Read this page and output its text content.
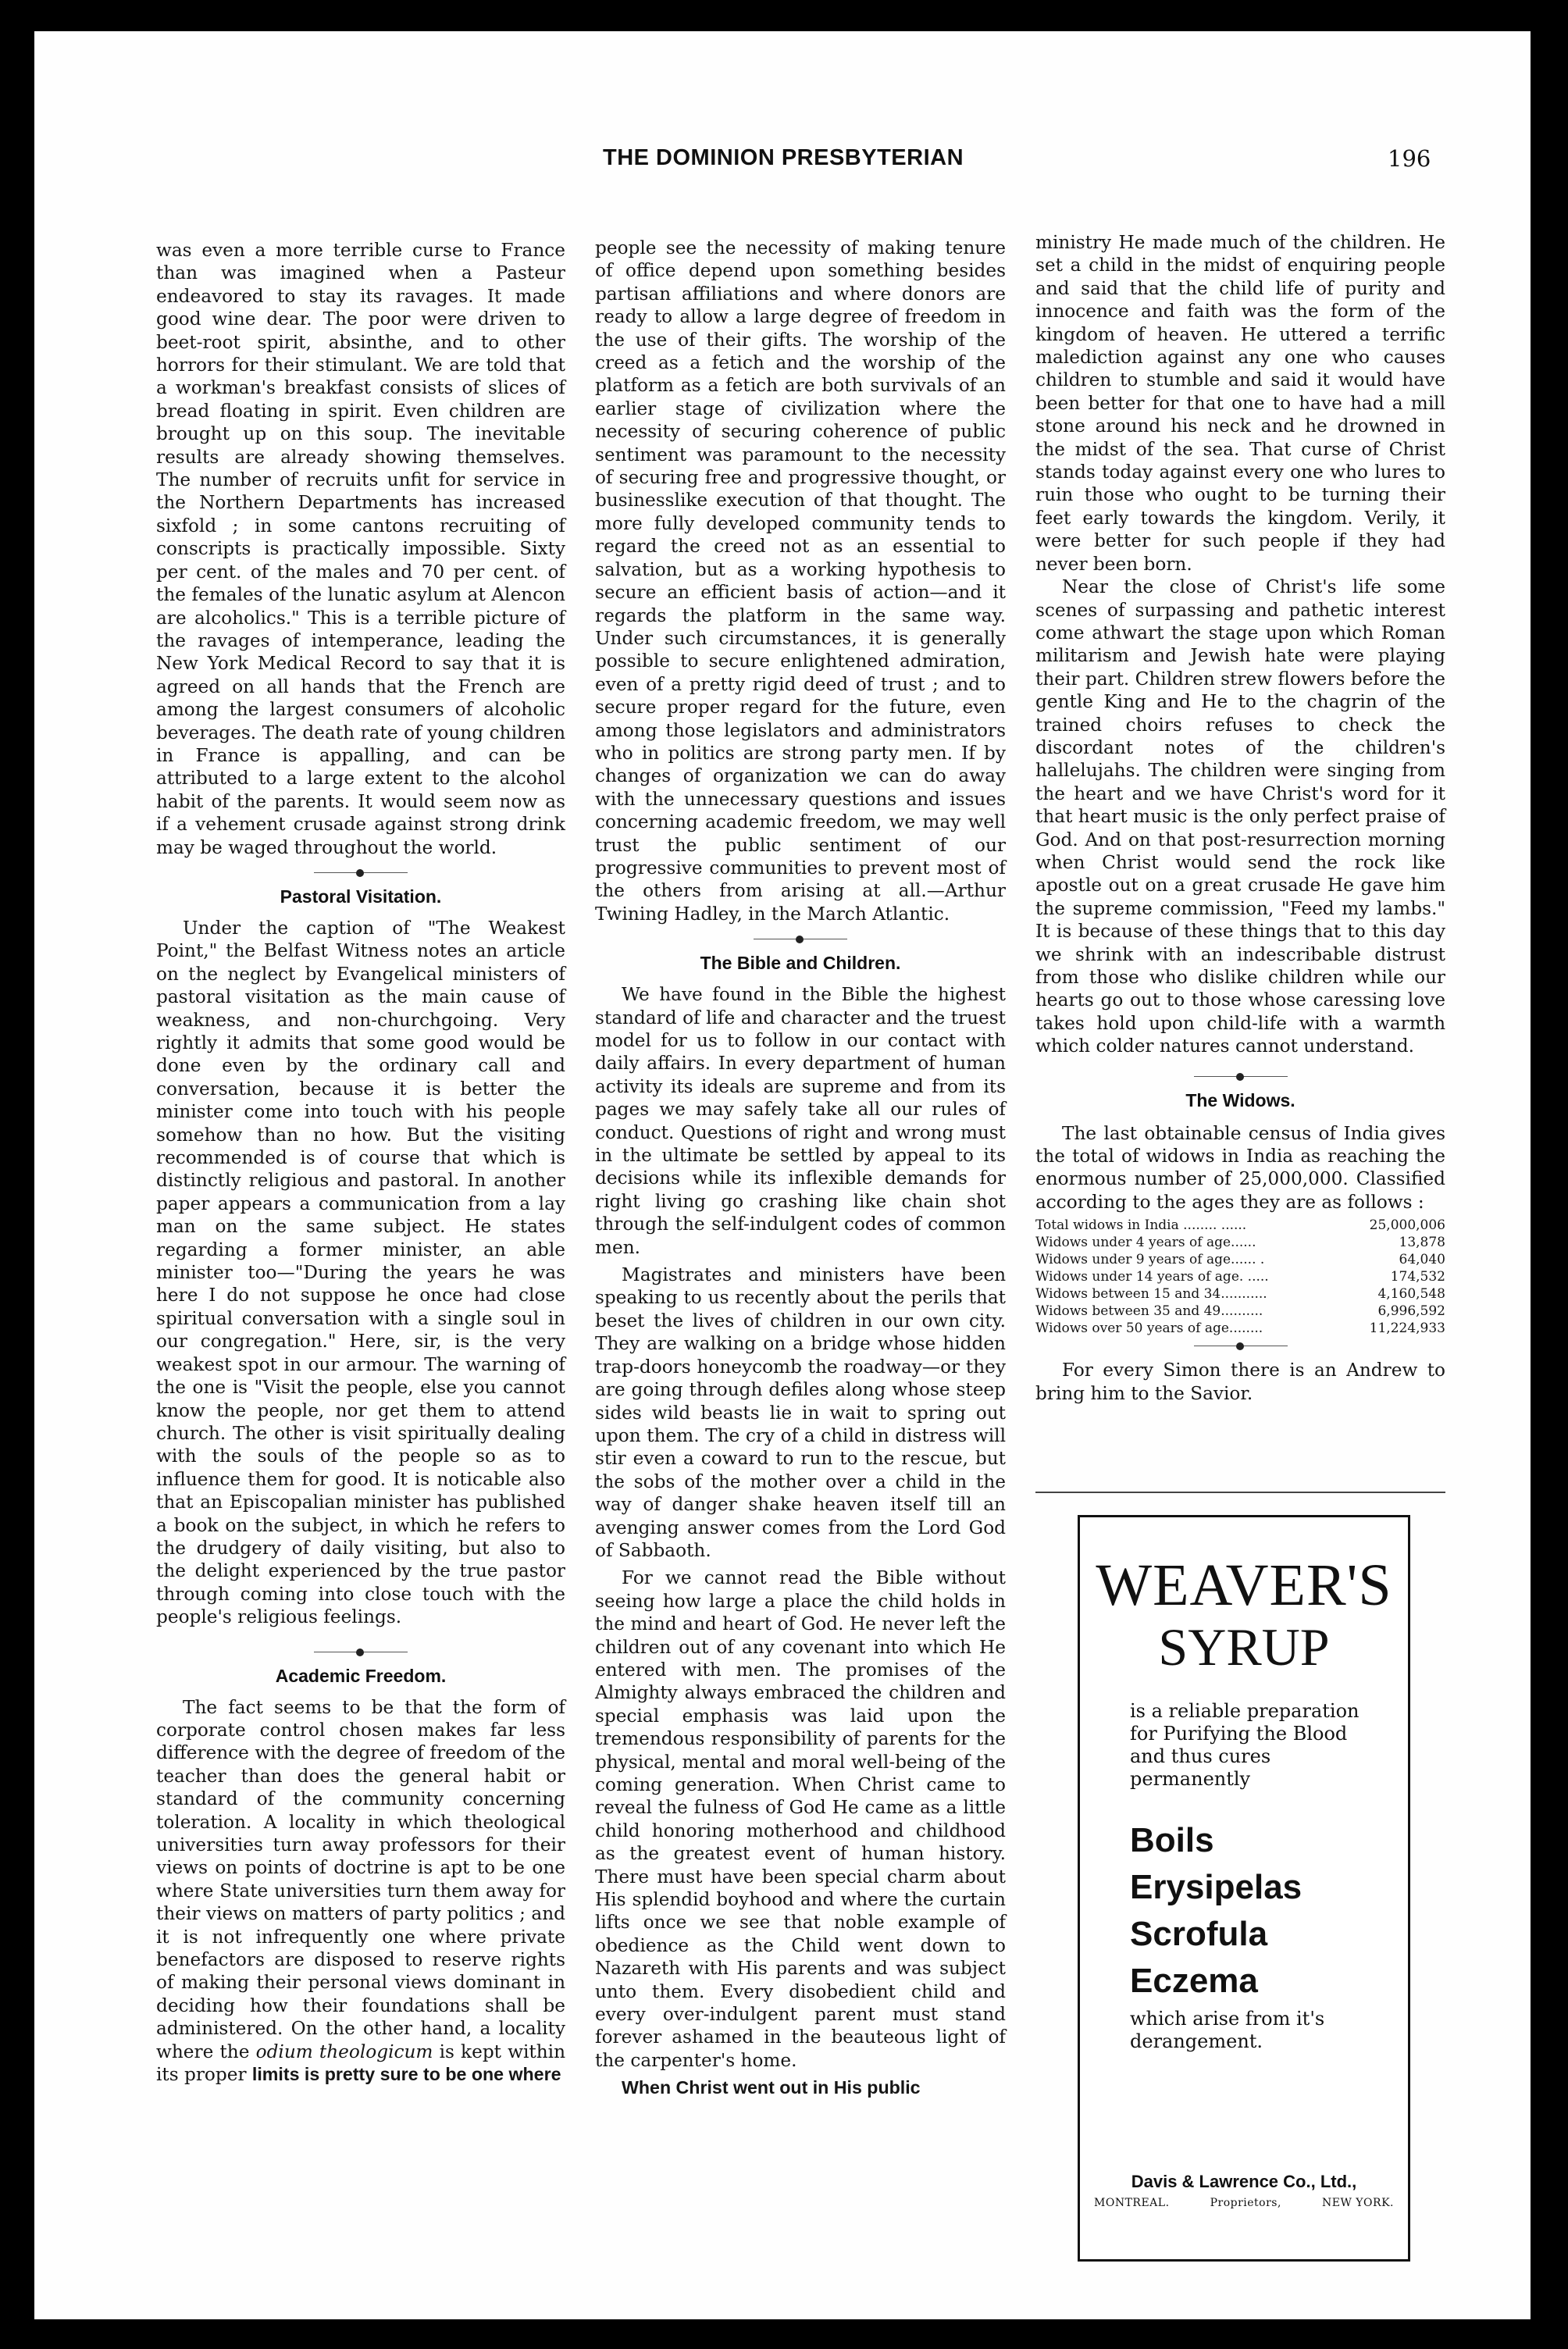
THE DOMINION PRESBYTERIAN	196

was even a more terrible curse to France than was imagined when a Pasteur endeavored to stay its ravages. It made good wine dear. The poor were driven to beet-root spirit, absinthe, and to other horrors for their stimulant. We are told that a workman's breakfast consists of slices of bread floating in spirit. Even children are brought up on this soup. The inevitable results are already showing themselves. The number of recruits unfit for service in the Northern Departments has increased sixfold ; in some cantons recruiting of conscripts is practically impossible. Sixty per cent. of the males and 70 per cent. of the females of the lunatic asylum at Alencon are alcoholics." This is a terrible picture of the ravages of intemperance, leading the New York Medical Record to say that it is agreed on all hands that the French are among the largest consumers of alcoholic beverages. The death rate of young children in France is appalling, and can be attributed to a large extent to the alcohol habit of the parents. It would seem now as if a vehement crusade against strong drink may be waged throughout the world.

Pastoral Visitation.

Under the caption of "The Weakest Point," the Belfast Witness notes an article on the neglect by Evangelical ministers of pastoral visitation as the main cause of weakness, and non-churchgoing. Very rightly it admits that some good would be done even by the ordinary call and conversation, because it is better the minister come into touch with his people somehow than no how. But the visiting recommended is of course that which is distinctly religious and pastoral. In another paper appears a communication from a lay man on the same subject. He states regarding a former minister, an able minister too—"During the years he was here I do not suppose he once had close spiritual conversation with a single soul in our congregation." Here, sir, is the very weakest spot in our armour. The warning of the one is "Visit the people, else you cannot know the people, nor get them to attend church. The other is visit spiritually dealing with the souls of the people so as to influence them for good. It is noticable also that an Episcopalian minister has published a book on the subject, in which he refers to the drudgery of daily visiting, but also to the delight experienced by the true pastor through coming into close touch with the people's religious feelings.

Academic Freedom.

The fact seems to be that the form of corporate control chosen makes far less difference with the degree of freedom of the teacher than does the general habit or standard of the community concerning toleration. A locality in which theological universities turn away professors for their views on points of doctrine is apt to be one where State universities turn them away for their views on matters of party politics ; and it is not infrequently one where private benefactors are disposed to reserve rights of making their personal views dominant in deciding how their foundations shall be administered. On the other hand, a locality where the odium theologicum is kept within its proper limits is pretty sure to be one where

people see the necessity of making tenure of office depend upon something besides partisan affiliations and where donors are ready to allow a large degree of freedom in the use of their gifts. The worship of the creed as a fetich and the worship of the platform as a fetich are both survivals of an earlier stage of civilization where the necessity of securing coherence of public sentiment was paramount to the necessity of securing free and progressive thought, or businesslike execution of that thought. The more fully developed community tends to regard the creed not as an essential to salvation, but as a working hypothesis to secure an efficient basis of action—and it regards the platform in the same way. Under such circumstances, it is generally possible to secure enlightened admiration, even of a pretty rigid deed of trust ; and to secure proper regard for the future, even among those legislators and administrators who in politics are strong party men. If by changes of organization we can do away with the unnecessary questions and issues concerning academic freedom, we may well trust the public sentiment of our progressive communities to prevent most of the others from arising at all.—Arthur Twining Hadley, in the March Atlantic.

The Bible and Children.

We have found in the Bible the highest standard of life and character and the truest model for us to follow in our contact with daily affairs. In every department of human activity its ideals are supreme and from its pages we may safely take all our rules of conduct. Questions of right and wrong must in the ultimate be settled by appeal to its decisions while its inflexible demands for right living go crashing like chain shot through the self-indulgent codes of common men.

Magistrates and ministers have been speaking to us recently about the perils that beset the lives of children in our own city. They are walking on a bridge whose hidden trap-doors honeycomb the roadway—or they are going through defiles along whose steep sides wild beasts lie in wait to spring out upon them. The cry of a child in distress will stir even a coward to run to the rescue, but the sobs of the mother over a child in the way of danger shake heaven itself till an avenging answer comes from the Lord God of Sabbaoth.

For we cannot read the Bible without seeing how large a place the child holds in the mind and heart of God. He never left the children out of any covenant into which He entered with men. The promises of the Almighty always embraced the children and special emphasis was laid upon the tremendous responsibility of parents for the physical, mental and moral well-being of the coming generation. When Christ came to reveal the fulness of God He came as a little child honoring motherhood and childhood as the greatest event of human history. There must have been special charm about His splendid boyhood and where the curtain lifts once we see that noble example of obedience as the Child went down to Nazareth with His parents and was subject unto them. Every disobedient child and every over-indulgent parent must stand forever ashamed in the beauteous light of the carpenter's home.

When Christ went out in His public

ministry He made much of the children. He set a child in the midst of enquiring people and said that the child life of purity and innocence and faith was the form of the kingdom of heaven. He uttered a terrific malediction against any one who causes children to stumble and said it would have been better for that one to have had a mill stone around his neck and he drowned in the midst of the sea. That curse of Christ stands today against every one who lures to ruin those who ought to be turning their feet early towards the kingdom. Verily, it were better for such people if they had never been born.

Near the close of Christ's life some scenes of surpassing and pathetic interest come athwart the stage upon which Roman militarism and Jewish hate were playing their part. Children strew flowers before the gentle King and He to the chagrin of the trained choirs refuses to check the discordant notes of the children's hallelujahs. The children were singing from the heart and we have Christ's word for it that heart music is the only perfect praise of God. And on that post-resurrection morning when Christ would send the rock like apostle out on a great crusade He gave him the supreme commission, "Feed my lambs." It is because of these things that to this day we shrink with an indescribable distrust from those who dislike children while our hearts go out to those whose caressing love takes hold upon child-life with a warmth which colder natures cannot understand.

The Widows.

The last obtainable census of India gives the total of widows in India as reaching the enormous number of 25,000,000. Classified according to the ages they are as follows :

Total widows in India ........ ......	25,000,006
Widows under 4 years of age......	13,878
Widows under 9 years of age...... .	64,040
Widows under 14 years of age. .....	174,532
Widows between 15 and 34...........	4,160,548
Widows between 35 and 49..........	6,996,592
Widows over 50 years of age........	11,224,933

For every Simon there is an Andrew to bring him to the Savior.

WEAVER'S
SYRUP
is a reliable preparation for Purifying the Blood and thus cures permanently
Boils
Erysipelas
Scrofula
Eczema
which arise from it's derangement.
Davis & Lawrence Co., Ltd.,
MONTREAL.	Proprietors,	NEW YORK.
